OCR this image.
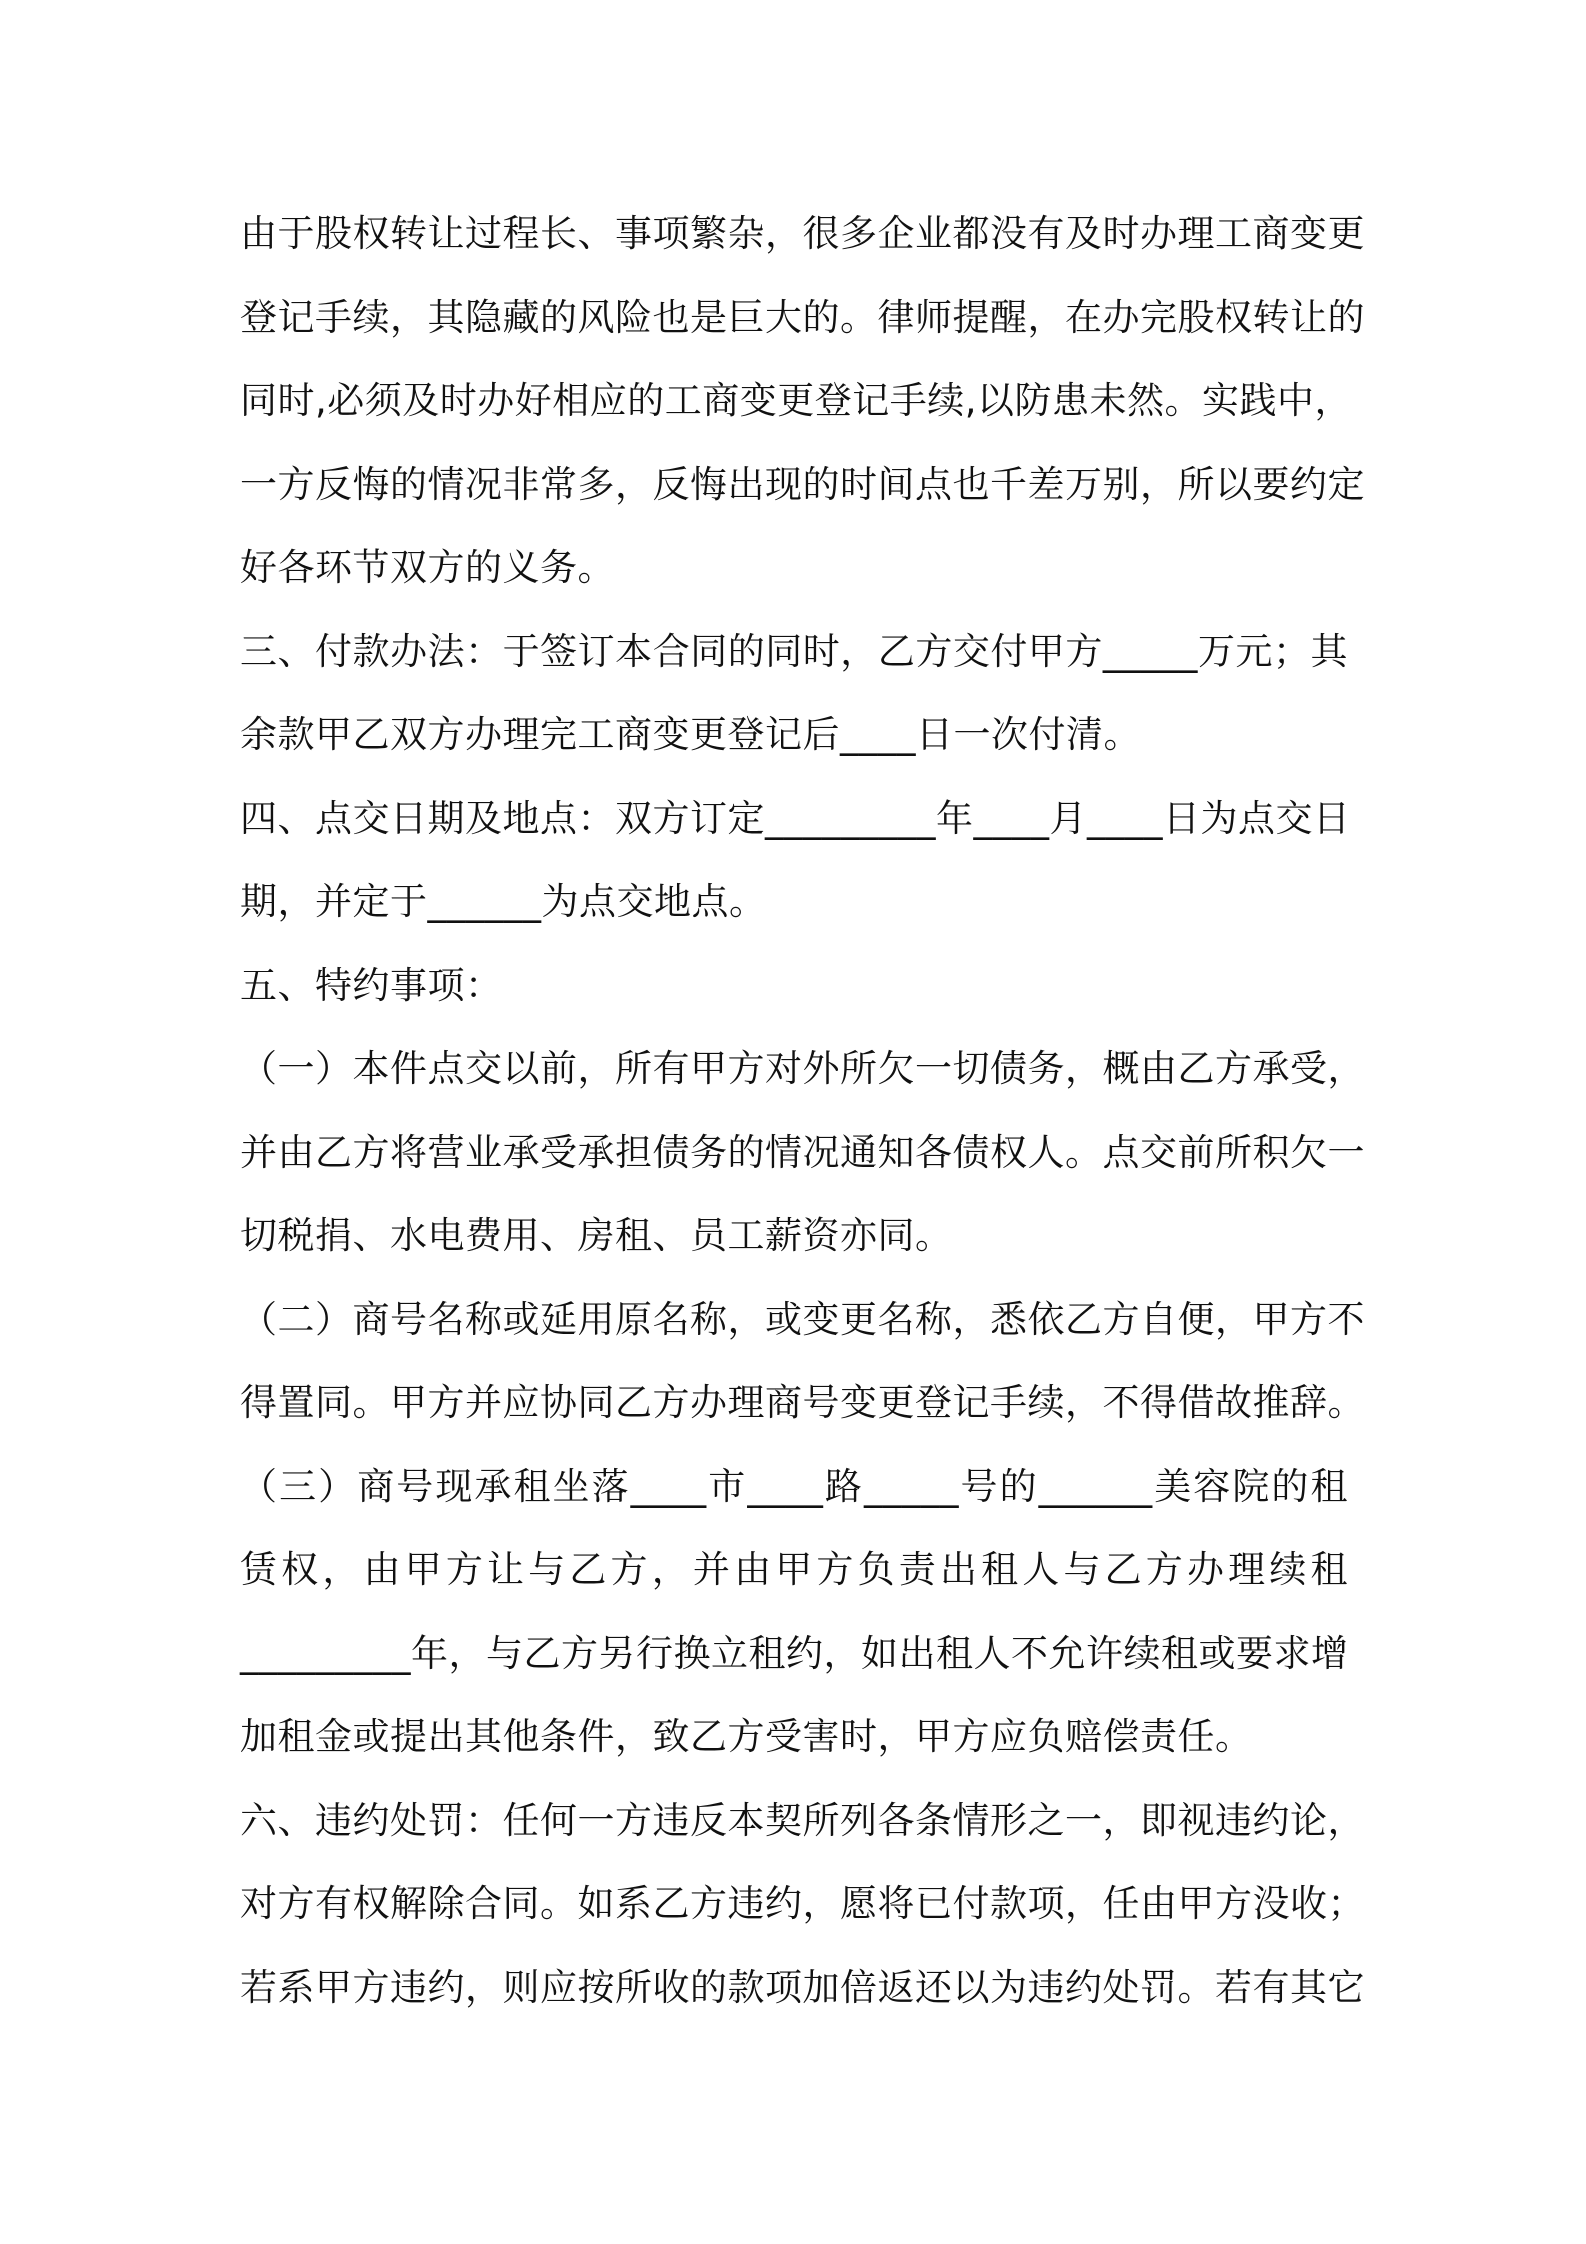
由于股权转让过程长、事项繁杂，很多企业都没有及时办理工商变更
登记手续，其隐藏的风险也是巨大的。律师提醒，在办完股权转让的
同时,必须及时办好相应的工商变更登记手续,以防患未然。实践中，
一方反悔的情况非常多，反悔出现的时间点也千差万别，所以要约定
好各环节双方的义务。
三、付款办法：于签订本合同的同时，乙方交付甲方_____万元；其
余款甲乙双方办理完工商变更登记后____日一次付清。
四、点交日期及地点：双方订定_________年____月____日为点交日
期，并定于______为点交地点。
五、特约事项：
（一）本件点交以前，所有甲方对外所欠一切债务，概由乙方承受，
并由乙方将营业承受承担债务的情况通知各债权人。点交前所积欠一
切税捐、水电费用、房租、员工薪资亦同。
（二）商号名称或延用原名称，或变更名称，悉依乙方自便，甲方不
得置同。甲方并应协同乙方办理商号变更登记手续，不得借故推辞。
（三）商号现承租坐落____市____路_____号的______美容院的租
赁权，由甲方让与乙方，并由甲方负责出租人与乙方办理续租
_________年，与乙方另行换立租约，如出租人不允许续租或要求增
加租金或提出其他条件，致乙方受害时，甲方应负赔偿责任。
六、违约处罚：任何一方违反本契所列各条情形之一，即视违约论，
对方有权解除合同。如系乙方违约，愿将已付款项，任由甲方没收；
若系甲方违约，则应按所收的款项加倍返还以为违约处罚。若有其它
